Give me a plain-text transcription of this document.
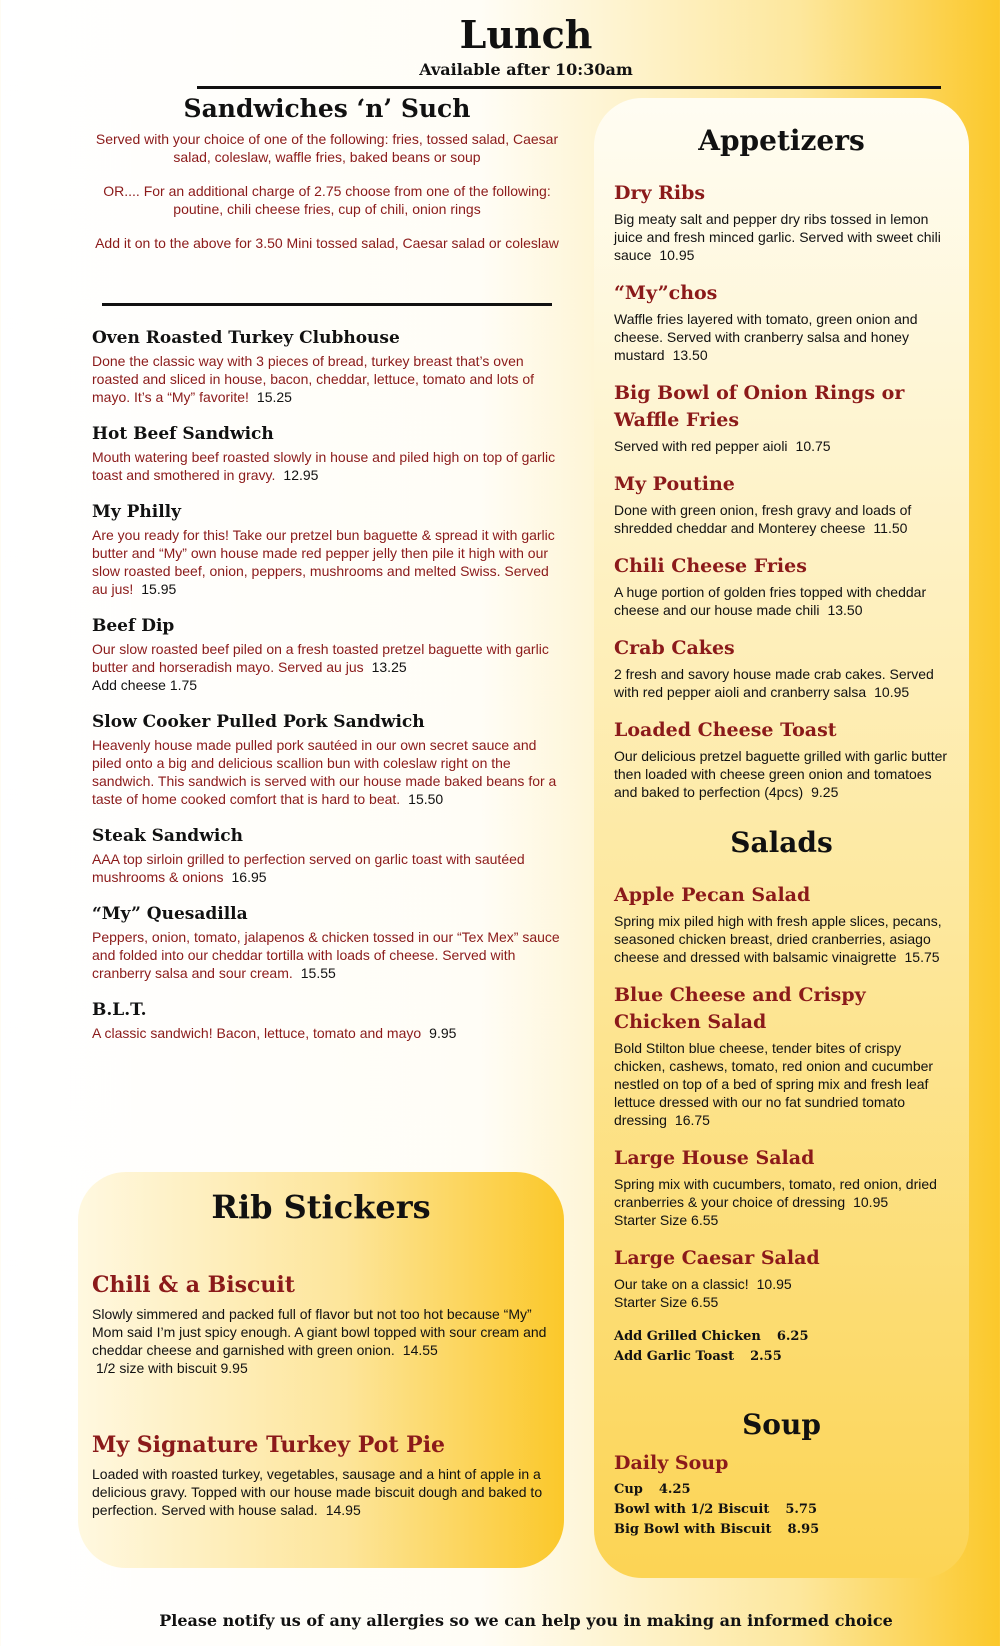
Lunch
Available after 10:30am
Sandwiches ‘n’ Such

Served with your choice of one of the following: fries, tossed salad, Caesar salad, coleslaw, waffle fries, baked beans or soup

OR.... For an additional charge of 2.75 choose from one of the following: poutine, chili cheese fries, cup of chili, onion rings

Add it on to the above for 3.50 Mini tossed salad, Caesar salad or coleslaw

Oven Roasted Turkey Clubhouse

Done the classic way with 3 pieces of bread, turkey breast that’s oven roasted and sliced in house, bacon, cheddar, lettuce, tomato and lots of mayo. It’s a “My” favorite! 15.25

Hot Beef Sandwich

Mouth watering beef roasted slowly in house and piled high on top of garlic toast and smothered in gravy. 12.95

My Philly

Are you ready for this! Take our pretzel bun baguette & spread it with garlic butter and “My” own house made red pepper jelly then pile it high with our slow roasted beef, onion, peppers, mushrooms and melted Swiss. Served au jus! 15.95

Beef Dip

Our slow roasted beef piled on a fresh toasted pretzel baguette with garlic butter and horseradish mayo. Served au jus 13.25

Add cheese 1.75

Slow Cooker Pulled Pork Sandwich

Heavenly house made pulled pork sautéed in our own secret sauce and piled onto a big and delicious scallion bun with coleslaw right on the sandwich. This sandwich is served with our house made baked beans for a taste of home cooked comfort that is hard to beat. 15.50

Steak Sandwich

AAA top sirloin grilled to perfection served on garlic toast with sautéed mushrooms & onions 16.95

“My” Quesadilla

Peppers, onion, tomato, jalapenos & chicken tossed in our “Tex Mex” sauce and folded into our cheddar tortilla with loads of cheese. Served with cranberry salsa and sour cream. 15.55

B.L.T.

A classic sandwich! Bacon, lettuce, tomato and mayo 9.95

Rib Stickers
Chili & a Biscuit

Slowly simmered and packed full of flavor but not too hot because “My” Mom said I’m just spicy enough. A giant bowl topped with sour cream and cheddar cheese and garnished with green onion. 14.55

1/2 size with biscuit 9.95

My Signature Turkey Pot Pie

Loaded with roasted turkey, vegetables, sausage and a hint of apple in a delicious gravy. Topped with our house made biscuit dough and baked to perfection. Served with house salad. 14.95

Appetizers
Dry Ribs

Big meaty salt and pepper dry ribs tossed in lemon juice and fresh minced garlic. Served with sweet chili sauce 10.95

“My”chos

Waffle fries layered with tomato, green onion and cheese. Served with cranberry salsa and honey mustard 13.50

Big Bowl of Onion Rings or Waffle Fries

Served with red pepper aioli 10.75

My Poutine

Done with green onion, fresh gravy and loads of shredded cheddar and Monterey cheese 11.50

Chili Cheese Fries

A huge portion of golden fries topped with cheddar cheese and our house made chili 13.50

Crab Cakes

2 fresh and savory house made crab cakes. Served with red pepper aioli and cranberry salsa 10.95

Loaded Cheese Toast

Our delicious pretzel baguette grilled with garlic butter then loaded with cheese green onion and tomatoes and baked to perfection (4pcs) 9.25

Salads
Apple Pecan Salad

Spring mix piled high with fresh apple slices, pecans, seasoned chicken breast, dried cranberries, asiago cheese and dressed with balsamic vinaigrette 15.75

Blue Cheese and Crispy Chicken Salad

Bold Stilton blue cheese, tender bites of crispy chicken, cashews, tomato, red onion and cucumber nestled on top of a bed of spring mix and fresh leaf lettuce dressed with our no fat sundried tomato dressing 16.75

Large House Salad

Spring mix with cucumbers, tomato, red onion, dried cranberries & your choice of dressing 10.95

Starter Size 6.55

Large Caesar Salad

Our take on a classic! 10.95

Starter Size 6.55

Add Grilled Chicken 6.25

Add Garlic Toast 2.55

Soup
Daily Soup

Cup 4.25

Bowl with 1/2 Biscuit 5.75

Big Bowl with Biscuit 8.95

Please notify us of any allergies so we can help you in making an informed choice
